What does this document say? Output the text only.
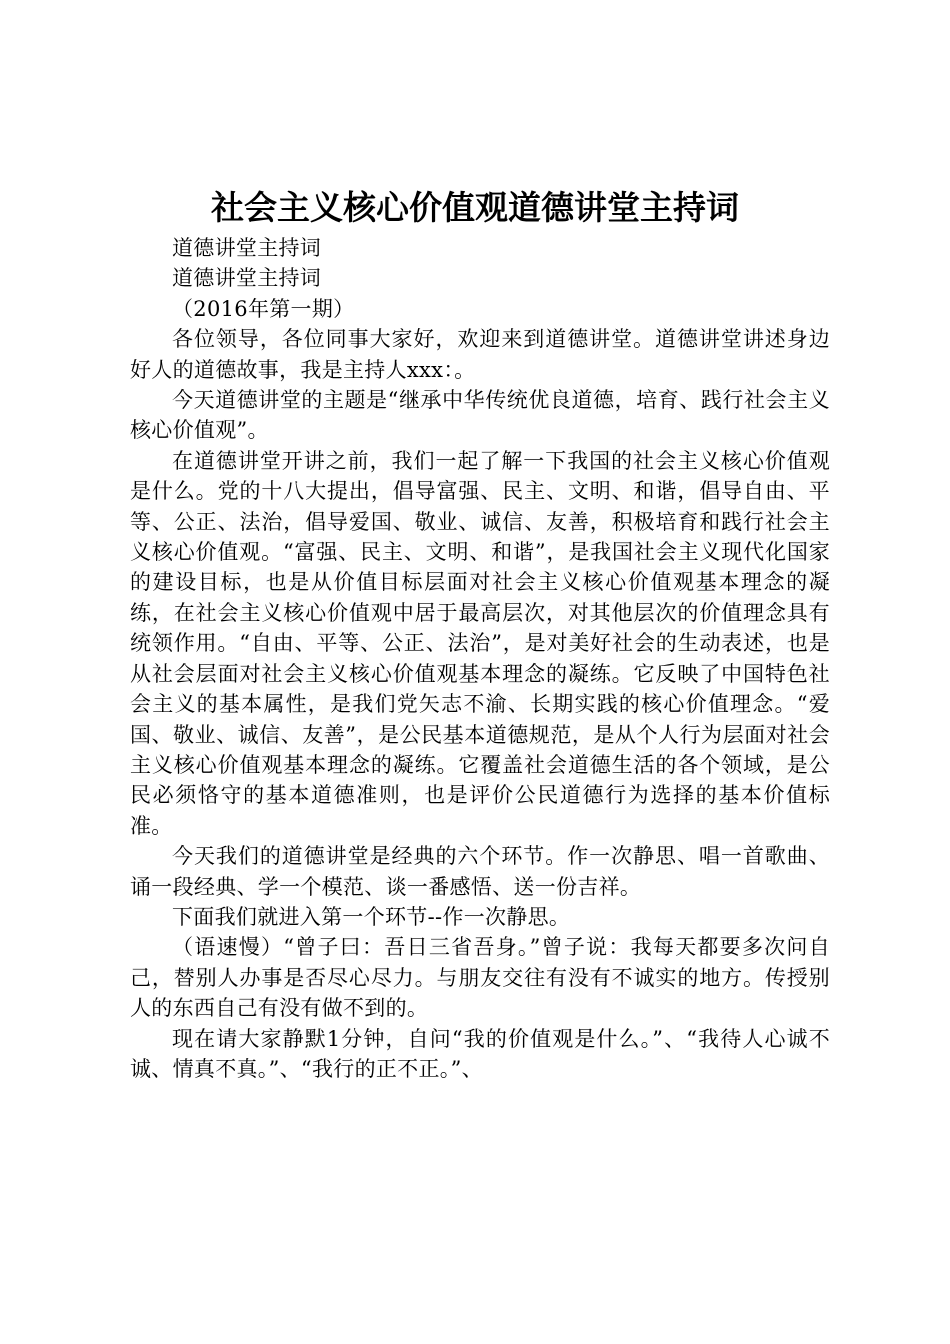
社会主义核心价值观道德讲堂主持词

道德讲堂主持词

道德讲堂主持词

（2016年第一期）

各位领导，各位同事大家好，欢迎来到道德讲堂。道德讲堂讲述身边好人的道德故事，我是主持人xxx：。

今天道德讲堂的主题是“继承中华传统优良道德，培育、践行社会主义核心价值观”。

在道德讲堂开讲之前，我们一起了解一下我国的社会主义核心价值观是什么。党的十八大提出，倡导富强、民主、文明、和谐，倡导自由、平等、公正、法治，倡导爱国、敬业、诚信、友善，积极培育和践行社会主义核心价值观。“富强、民主、文明、和谐”，是我国社会主义现代化国家的建设目标，也是从价值目标层面对社会主义核心价值观基本理念的凝练，在社会主义核心价值观中居于最高层次，对其他层次的价值理念具有统领作用。“自由、平等、公正、法治”，是对美好社会的生动表述，也是从社会层面对社会主义核心价值观基本理念的凝练。它反映了中国特色社会主义的基本属性，是我们党矢志不渝、长期实践的核心价值理念。“爱国、敬业、诚信、友善”，是公民基本道德规范，是从个人行为层面对社会主义核心价值观基本理念的凝练。它覆盖社会道德生活的各个领域，是公民必须恪守的基本道德准则，也是评价公民道德行为选择的基本价值标准。

今天我们的道德讲堂是经典的六个环节。作一次静思、唱一首歌曲、诵一段经典、学一个模范、谈一番感悟、送一份吉祥。

下面我们就进入第一个环节--作一次静思。

（语速慢）“曾子曰：吾日三省吾身。”曾子说：我每天都要多次问自己，替别人办事是否尽心尽力。与朋友交往有没有不诚实的地方。传授别人的东西自己有没有做不到的。

现在请大家静默1分钟，自问“我的价值观是什么。”、“我待人心诚不诚、情真不真。”、“我行的正不正。”、
